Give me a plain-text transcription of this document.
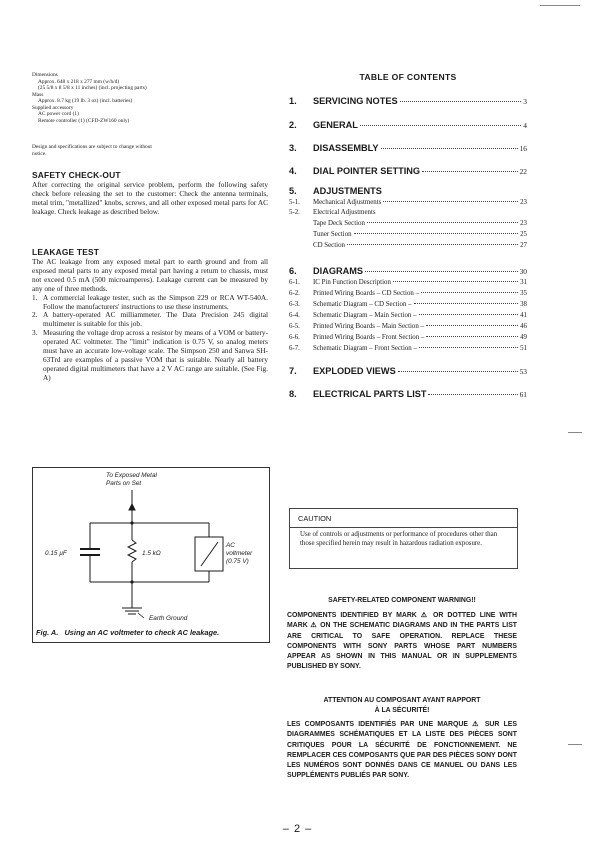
Dimensions
Approx. 648 x 218 x 277 mm (w/h/d)
(25 5/8 x 8 5/8 x 11 inches) (incl. projecting parts)
Mass
Approx. 8.7 kg (19 lb. 3 oz) (incl. batteries)
Supplied accessory
AC power cord (1)
Remote controller (1) (CFD-ZW160 only)
Design and specifications are subject to change without
notice.
SAFETY CHECK-OUT

After correcting the original service problem, perform the following safety check before releasing the set to the customer: Check the antenna terminals, metal trim, "metallized" knobs, screws, and all other exposed metal parts for AC leakage. Check leakage as described below.

LEAKAGE TEST

The AC leakage from any exposed metal part to earth ground and from all exposed metal parts to any exposed metal part having a return to chassis, must not exceed 0.5 mA (500 microamperes). Leakage current can be measured by any one of three methods.

1. A commercial leakage tester, such as the Simpson 229 or RCA WT-540A. Follow the manufacturers' instructions to use these instruments.
2. A battery-operated AC milliammeter. The Data Precision 245 digital multimeter is suitable for this job.
3. Measuring the voltage drop across a resistor by means of a VOM or battery-operated AC voltmeter. The "limit" indication is 0.75 V, so analog meters must have an accurate low-voltage scale. The Simpson 250 and Sanwa SH-63Trd are examples of a passive VOM that is suitable. Nearly all battery operated digital multimeters that have a 2 V AC range are suitable. (See Fig. A)
To Exposed Metal
Parts on Set
0.15 µF	1.5 kΩ
AC
voltmeter
(0.75 V)
Earth Ground
Fig. A.   Using an AC voltmeter to check AC leakage.
TABLE OF CONTENTS
1.	SERVICING NOTES	3
2.	GENERAL	4
3.	DISASSEMBLY	16
4.	DIAL POINTER SETTING	22
5.	ADJUSTMENTS
5-1.	Mechanical Adjustments	23
5-2.	Electrical Adjustments
Tape Deck Section	23
Tuner Section	25
CD Section	27
6.	DIAGRAMS	30
6-1.	IC Pin Function Description	31
6-2.	Printed Wiring Boards – CD Section –	35
6-3.	Schematic Diagram – CD Section –	38
6-4.	Schematic Diagram – Main Section –	41
6-5.	Printed Wiring Boards – Main Section –	46
6-6.	Printed Wiring Boards – Front Section –	49
6-7.	Schematic Diagram – Front Section –	51
7.	EXPLODED VIEWS	53
8.	ELECTRICAL PARTS LIST	61
CAUTION
Use of controls or adjustments or performance of procedures other than those specified herein may result in hazardous radiation exposure.
SAFETY-RELATED COMPONENT WARNING!!
COMPONENTS IDENTIFIED BY MARK ⚠ OR DOTTED LINE WITH MARK ⚠ ON THE SCHEMATIC DIAGRAMS AND IN THE PARTS LIST ARE CRITICAL TO SAFE OPERATION. REPLACE THESE COMPONENTS WITH SONY PARTS WHOSE PART NUMBERS APPEAR AS SHOWN IN THIS MANUAL OR IN SUPPLEMENTS PUBLISHED BY SONY.
ATTENTION AU COMPOSANT AYANT RAPPORT
À LA SÉCURITÉ!
LES COMPOSANTS IDENTIFIÉS PAR UNE MARQUE ⚠ SUR LES DIAGRAMMES SCHÉMATIQUES ET LA LISTE DES PIÈCES SONT CRITIQUES POUR LA SÉCURITÉ DE FONCTIONNEMENT. NE REMPLACER CES COMPOSANTS QUE PAR DES PIÈCES SONY DONT LES NUMÉROS SONT DONNÉS DANS CE MANUEL OU DANS LES SUPPLÉMENTS PUBLIÉS PAR SONY.
– 2 –
